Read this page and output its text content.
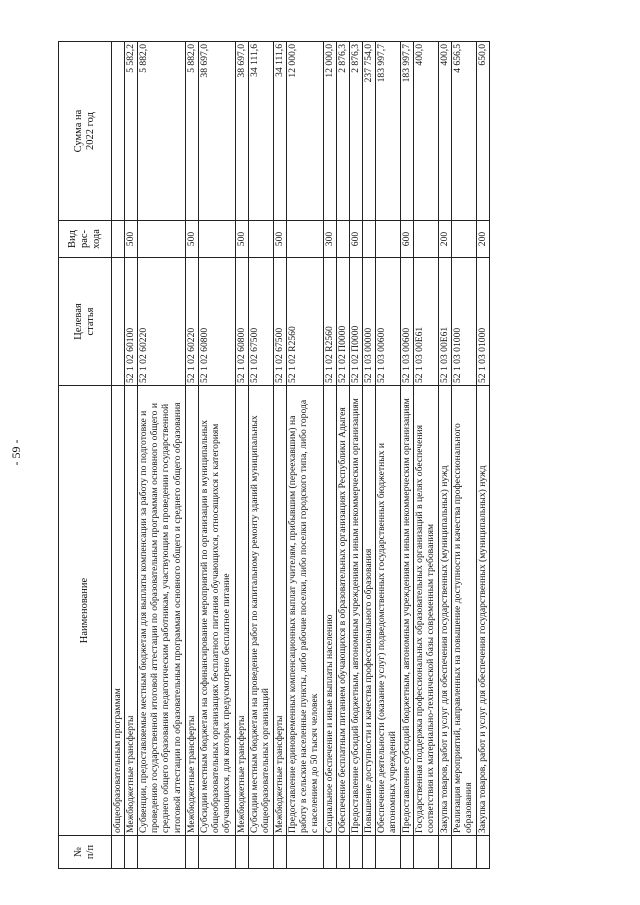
- 59 -
№
п/п
Наименование
Целевая
статья
Вид
рас-
хода
Сумма на
2022 год
общеобразовательным программам Межбюджетные трансферты
52 1 02 60100
500
5 582,2
Субвенции, предоставляемые местным бюджетам для выплаты компенсации за работу по подготовке и
проведению государственной итоговой аттестации по образовательным программам основного общего и
среднего общего образования педагогическим работникам, участвующим в проведении государственной
итоговой аттестации по образовательным программам основного общего и среднего общего образования
52 1 02 60220
5 882,0
Межбюджетные трансферты
52 1 02 60220
500
5 882,0
Субсидии местным бюджетам на софинансирование мероприятий по организации в муниципальных
общеобразовательных организациях бесплатного питания обучающихся, относящихся к категориям
обучающихся, для которых предусмотрено бесплатное питание
52 1 02 60800
38 697,0
Межбюджетные трансферты
52 1 02 60800
500
38 697,0
Субсидии местным бюджетам на проведение работ по капитальному ремонту зданий муниципальных
общеобразовательных организаций
52 1 02 67500
34 111,6
Межбюджетные трансферты
52 1 02 67500
500
34 111,6
Предоставление единовременных компенсационных выплат учителям, прибывшим (переехавшим) на
работу в сельские населенные пункты, либо рабочие поселки, либо поселки городского типа, либо города
с населением до 50 тысяч человек
52 1 02 R2560
12 000,0
Социальное обеспечение и иные выплаты населению
52 1 02 R2560
300
12 000,0
Обеспечение бесплатным питанием обучающихся в образовательных организациях Республики Адыгея
52 1 02 П0000
2 876,3
Предоставление субсидий бюджетным, автономным учреждениям и иным некоммерческим организациям
52 1 02 П0000
600
2 876,3
Повышение доступности и качества профессионального образования
52 1 03 00000
237 754,0
Обеспечение деятельности (оказание услуг) подведомственных государственных бюджетных и
автономных учреждений
52 1 03 00600
183 997,7
Предоставление субсидий бюджетным, автономным учреждениям и иным некоммерческим организациям
52 1 03 00600
600
183 997,7
Государственная поддержка профессиональных образовательных организаций в целях обеспечения
соответствия их материально-технической базы современным требованиям
52 1 03 00Е61
400,0
Закупка товаров, работ и услуг для обеспечения государственных (муниципальных) нужд
52 1 03 00Е61
200
400,0
Реализация мероприятий, направленных на повышение доступности и качества профессионального
образования
52 1 03 01000
4 656,5
Закупка товаров, работ и услуг для обеспечения государственных (муниципальных) нужд
52 1 03 01000
200
650,0
